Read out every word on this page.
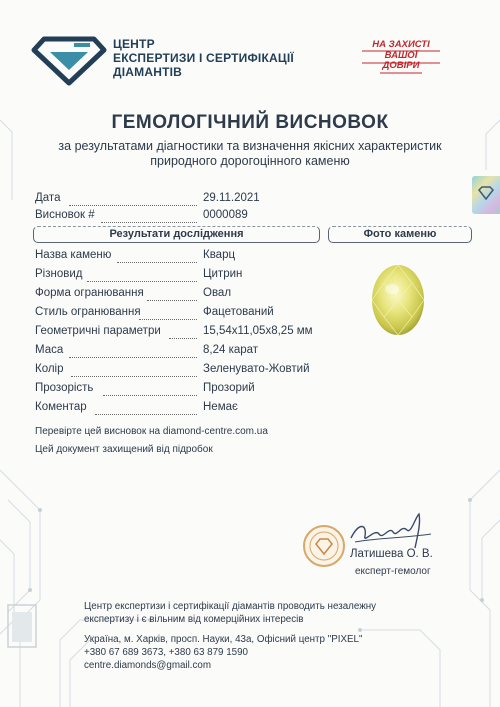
ЦЕНТР
ЕКСПЕРТИЗИ І СЕРТИФІКАЦІЇ
ДІАМАНТІВ
НА ЗАХИСТІ
ВАШОЇ
ДОВІРИ
ГЕМОЛОГІЧНИЙ ВИСНОВОК
за результатами діагностики та визначення якісних характеристик
природного дорогоцінного каменю
Дата	29.11.2021
Висновок #	0000089
Результати дослідження	Фото каменю
Назва каменю	Кварц
Різновид	Цитрин
Форма огранювання	Овал
Стиль огранювання	Фацетований
Геометричні параметри	15,54x11,05x8,25 мм
Маса	8,24 карат
Колір	Зеленувато-Жовтий
Прозорість	Прозорий
Коментар	Немає
Перевірте цей висновок на diamond-centre.com.ua
Цей документ захищений від підробок
Латишева О. В.
експерт-гемолог
Центр експертизи і сертифікації діамантів проводить незалежну
експертизу і є вільним від комерційних інтересів
Україна, м. Харків, просп. Науки, 43а, Офісний центр "PIXEL"
+380 67 689 3673, +380 63 879 1590
centre.diamonds@gmail.com
